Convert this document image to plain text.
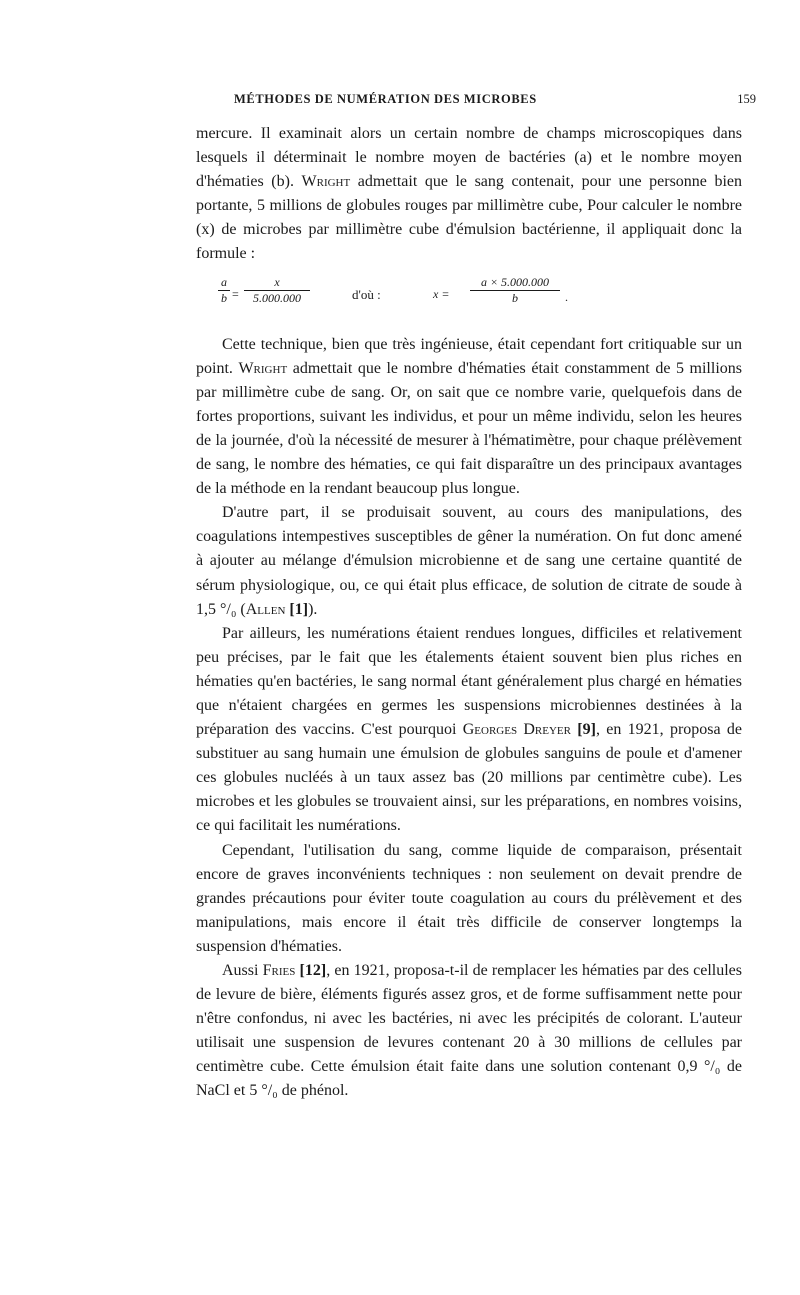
MÉTHODES DE NUMÉRATION DES MICROBES	159

mercure. Il examinait alors un certain nombre de champs microscopiques dans lesquels il déterminait le nombre moyen de bactéries (a) et le nombre moyen d'hématies (b). Wright admettait que le sang contenait, pour une personne bien portante, 5 millions de globules rouges par millimètre cube, Pour calculer le nombre (x) de microbes par millimètre cube d'émulsion bactérienne, il appliquait donc la formule :

$\frac{a}{b} = \frac{x}{5.000.000}$	d'où :	$x = \frac{a \times 5.000.000}{b}$ .

Cette technique, bien que très ingénieuse, était cependant fort critiquable sur un point. Wright admettait que le nombre d'hématies était constamment de 5 millions par millimètre cube de sang. Or, on sait que ce nombre varie, quelquefois dans de fortes proportions, suivant les individus, et pour un même individu, selon les heures de la journée, d'où la nécessité de mesurer à l'hématimètre, pour chaque prélèvement de sang, le nombre des hématies, ce qui fait disparaître un des principaux avantages de la méthode en la rendant beaucoup plus longue.

D'autre part, il se produisait souvent, au cours des manipulations, des coagulations intempestives susceptibles de gêner la numération. On fut donc amené à ajouter au mélange d'émulsion microbienne et de sang une certaine quantité de sérum physiologique, ou, ce qui était plus efficace, de solution de citrate de soude à 1,5 °/₀ (Allen [1]).

Par ailleurs, les numérations étaient rendues longues, difficiles et relativement peu précises, par le fait que les étalements étaient souvent bien plus riches en hématies qu'en bactéries, le sang normal étant généralement plus chargé en hématies que n'étaient chargées en germes les suspensions microbiennes destinées à la préparation des vaccins. C'est pourquoi Georges Dreyer [9], en 1921, proposa de substituer au sang humain une émulsion de globules sanguins de poule et d'amener ces globules nucléés à un taux assez bas (20 millions par centimètre cube). Les microbes et les globules se trouvaient ainsi, sur les préparations, en nombres voisins, ce qui facilitait les numérations.

Cependant, l'utilisation du sang, comme liquide de comparaison, présentait encore de graves inconvénients techniques : non seulement on devait prendre de grandes précautions pour éviter toute coagulation au cours du prélèvement et des manipulations, mais encore il était très difficile de conserver longtemps la suspension d'hématies.

Aussi Fries [12], en 1921, proposa-t-il de remplacer les hématies par des cellules de levure de bière, éléments figurés assez gros, et de forme suffisamment nette pour n'être confondus, ni avec les bactéries, ni avec les précipités de colorant. L'auteur utilisait une suspension de levures contenant 20 à 30 millions de cellules par centimètre cube. Cette émulsion était faite dans une solution contenant 0,9 °/₀ de NaCl et 5 °/₀ de phénol.
